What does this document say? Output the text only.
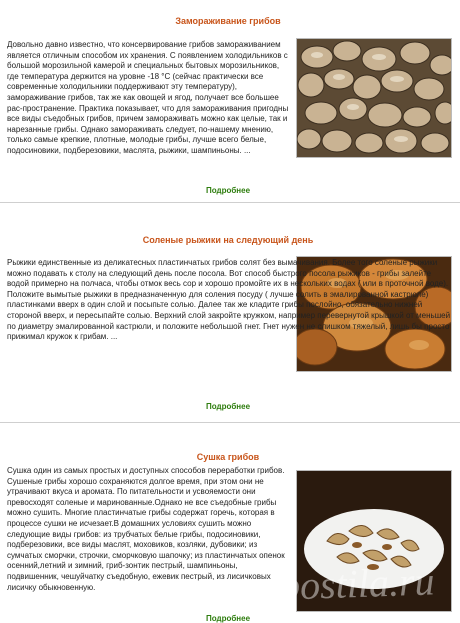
Замораживание грибов
Довольно давно известно, что консервирование грибов замораживанием является отличным способом их хранения. С появлением холодильников с большой морозильной камерой и специальных бытовых морозильников, где температура держится на уровне -18 °С (сейчас практически все современные холодильники поддерживают эту температуру), замораживание грибов, так же как овощей и ягод, получает все большее рас-пространение. Практика показывает, что для замораживания пригодны все виды съедобных грибов, причем замораживать можно как целые, так и нарезанные грибы. Однако замораживать следует, по-нашему мнению, только самые крепкие, плотные, молодые грибы, лучше всего белые, подосиновики, подберезовики, маслята, рыжики, шампиньоны. ...
Подробнее
Соленые рыжики на следующий день
Рыжики единственные из деликатесных пластинчатых грибов солят без вымачивания. Более того соленые рыжики можно подавать к столу на следующий день после посола. Вот способ быстрого посола рыжиков - грибы залейте водой примерно на полчаса, чтобы отмок весь сор и хорошо промойте их в нескольких водах ( или в проточной воде). Положите вымытые рыжики в предназначенную для соления посуду ( лучше солить в эмалированной кастрюле) пластинками вверх в один слой и посыпьте солью. Далее так же кладите грибы послойно, обязательно нижней стороной вверх, и пересыпайте солью. Верхний слой закройте кружком, например перевернутой крышкой от меньшей по диаметру эмалированной кастрюли, и положите небольшой гнет. Гнет нужен не слишком тяжелый, лишь бы просто прижимал кружок к грибам. ...
Подробнее
Сушка грибов
Сушка один из самых простых и доступных способов переработки грибов. Сушеные грибы хорошо сохраняются долгое время, при этом они не утрачивают вкуса и аромата. По питательности и усвояемости они превосходят соленые и маринованные.Однако не все съедобные грибы можно сушить. Многие пластинчатые грибы содержат горечь, которая в процессе сушки не исчезает.В домашних условиях сушить можно следующие виды грибов: из трубчатых белые грибы, подосиновики, подберезовики, все виды маслят, моховиков, козляки, дубовики; из сумчатых сморчки, строчки, сморчковую шапочку; из пластинчатых опенок осенний,летний и зимний, гриб-зонтик пестрый, шампиньоны, подвишенник, чешуйчатку съедобную, ежевик пестрый, из лисичковых лисичку обыкновенную.
Подробнее
postila.ru
